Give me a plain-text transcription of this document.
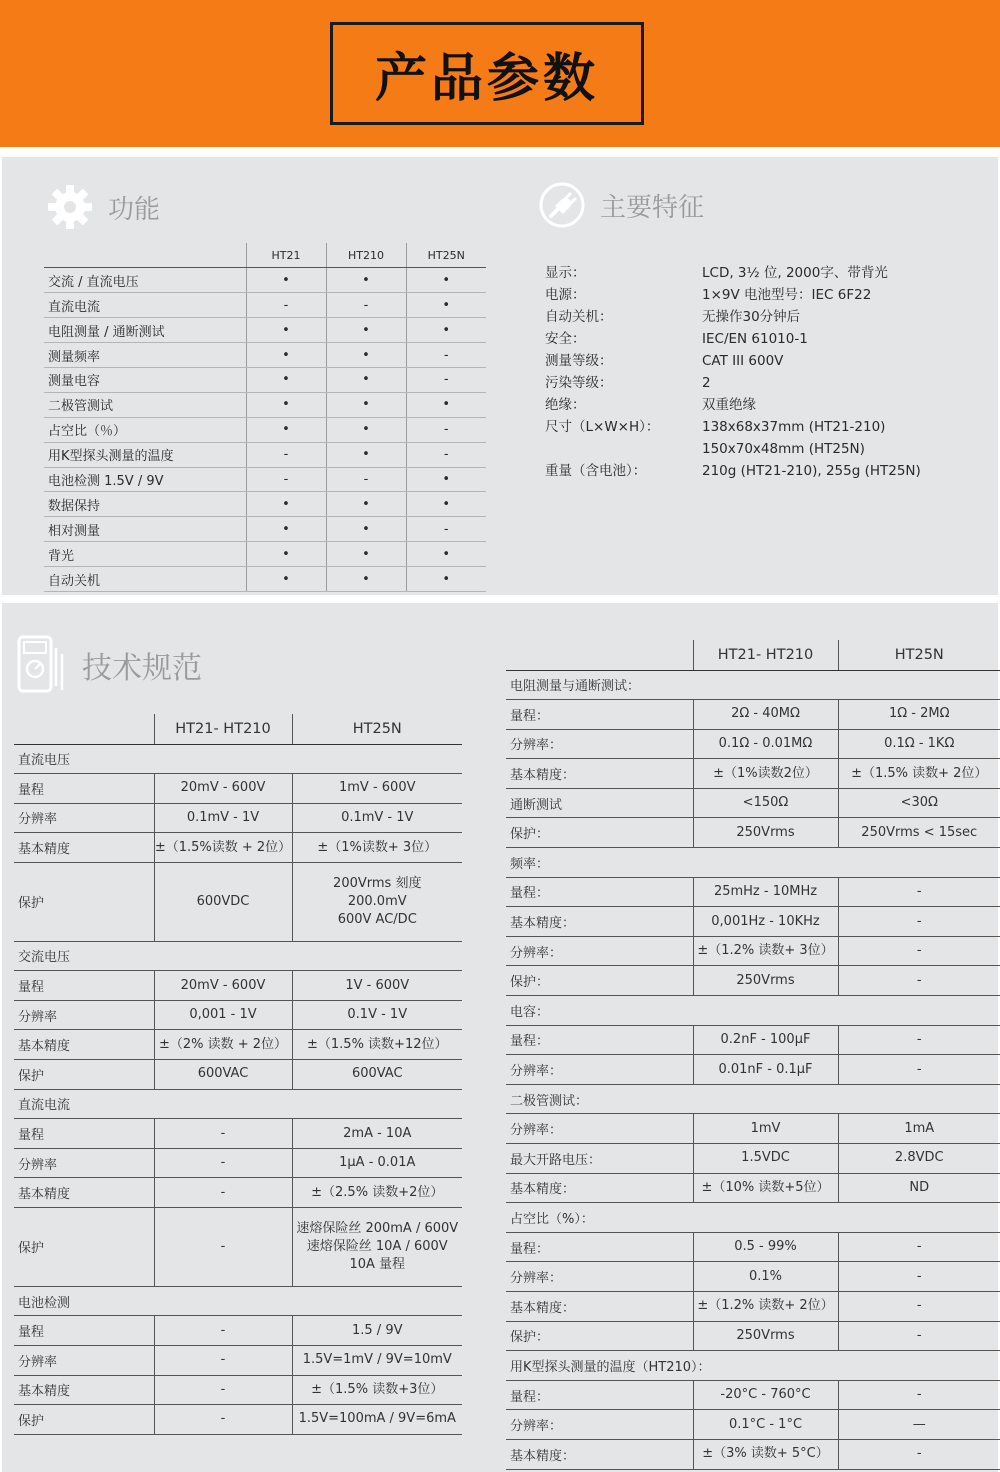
产品参数
功能
	HT21	HT210	HT25N
交流 / 直流电压	•	•	•
直流电流	-	-	•
电阻测量 / 通断测试	•	•	•
测量频率	•	•	-
测量电容	•	•	-
二极管测试	•	•	•
占空比（％）	•	•	-
用K型探头测量的温度	-	•	-
电池检测 1.5V / 9V	-	-	•
数据保持	•	•	•
相对测量	•	•	-
背光	•	•	•
自动关机	•	•	•
主要特征
显示：	LCD, 3½ 位, 2000字、带背光
电源：	1×9V 电池型号：IEC 6F22
自动关机：	无操作30分钟后
安全：	IEC/EN 61010-1
测量等级：	CAT III 600V
污染等级：	2
绝缘：	双重绝缘
尺寸（L×W×H）：	138x68x37mm (HT21-210)
150x70x48mm (HT25N)
重量（含电池）：	210g (HT21-210), 255g (HT25N)
技术规范
	HT21- HT210	HT25N
直流电压		
量程	20mV - 600V	1mV - 600V
分辨率	0.1mV - 1V	0.1mV - 1V
基本精度	±（1.5%读数 + 2位）	±（1%读数+ 3位）
保护	600VDC	200Vrms 刻度
200.0mV
600V AC/DC
交流电压		
量程	20mV - 600V	1V - 600V
分辨率	0,001 - 1V	0.1V - 1V
基本精度	±（2% 读数 + 2位）	±（1.5% 读数+12位）
保护	600VAC	600VAC
直流电流		
量程	-	2mA - 10A
分辨率	-	1μA - 0.01A
基本精度	-	±（2.5% 读数+2位）
保护	-	速熔保险丝 200mA / 600V
速熔保险丝 10A / 600V
10A 量程
电池检测		
量程	-	1.5 / 9V
分辨率	-	1.5V=1mV / 9V=10mV
基本精度	-	±（1.5% 读数+3位）
保护	-	1.5V=100mA / 9V=6mA
	HT21- HT210	HT25N
电阻测量与通断测试：		
量程：	2Ω - 40MΩ	1Ω - 2MΩ
分辨率：	0.1Ω - 0.01MΩ	0.1Ω - 1KΩ
基本精度：	±（1%读数2位）	±（1.5% 读数+ 2位）
通断测试	<150Ω	<30Ω
保护：	250Vrms	250Vrms < 15sec
频率：		
量程：	25mHz - 10MHz	-
基本精度：	0,001Hz - 10KHz	-
分辨率：	±（1.2% 读数+ 3位）	-
保护：	250Vrms	-
电容：		
量程：	0.2nF - 100μF	-
分辨率：	0.01nF - 0.1μF	-
二极管测试：		
分辨率：	1mV	1mA
最大开路电压：	1.5VDC	2.8VDC
基本精度：	±（10% 读数+5位）	ND
占空比（%）：		
量程：	0.5 - 99%	-
分辨率：	0.1%	-
基本精度：	±（1.2% 读数+ 2位）	-
保护：	250Vrms	-
用K型探头测量的温度（HT210）：		
量程：	-20°C - 760°C	-
分辨率：	0.1°C - 1°C	—
基本精度：	±（3% 读数+ 5°C）	-
